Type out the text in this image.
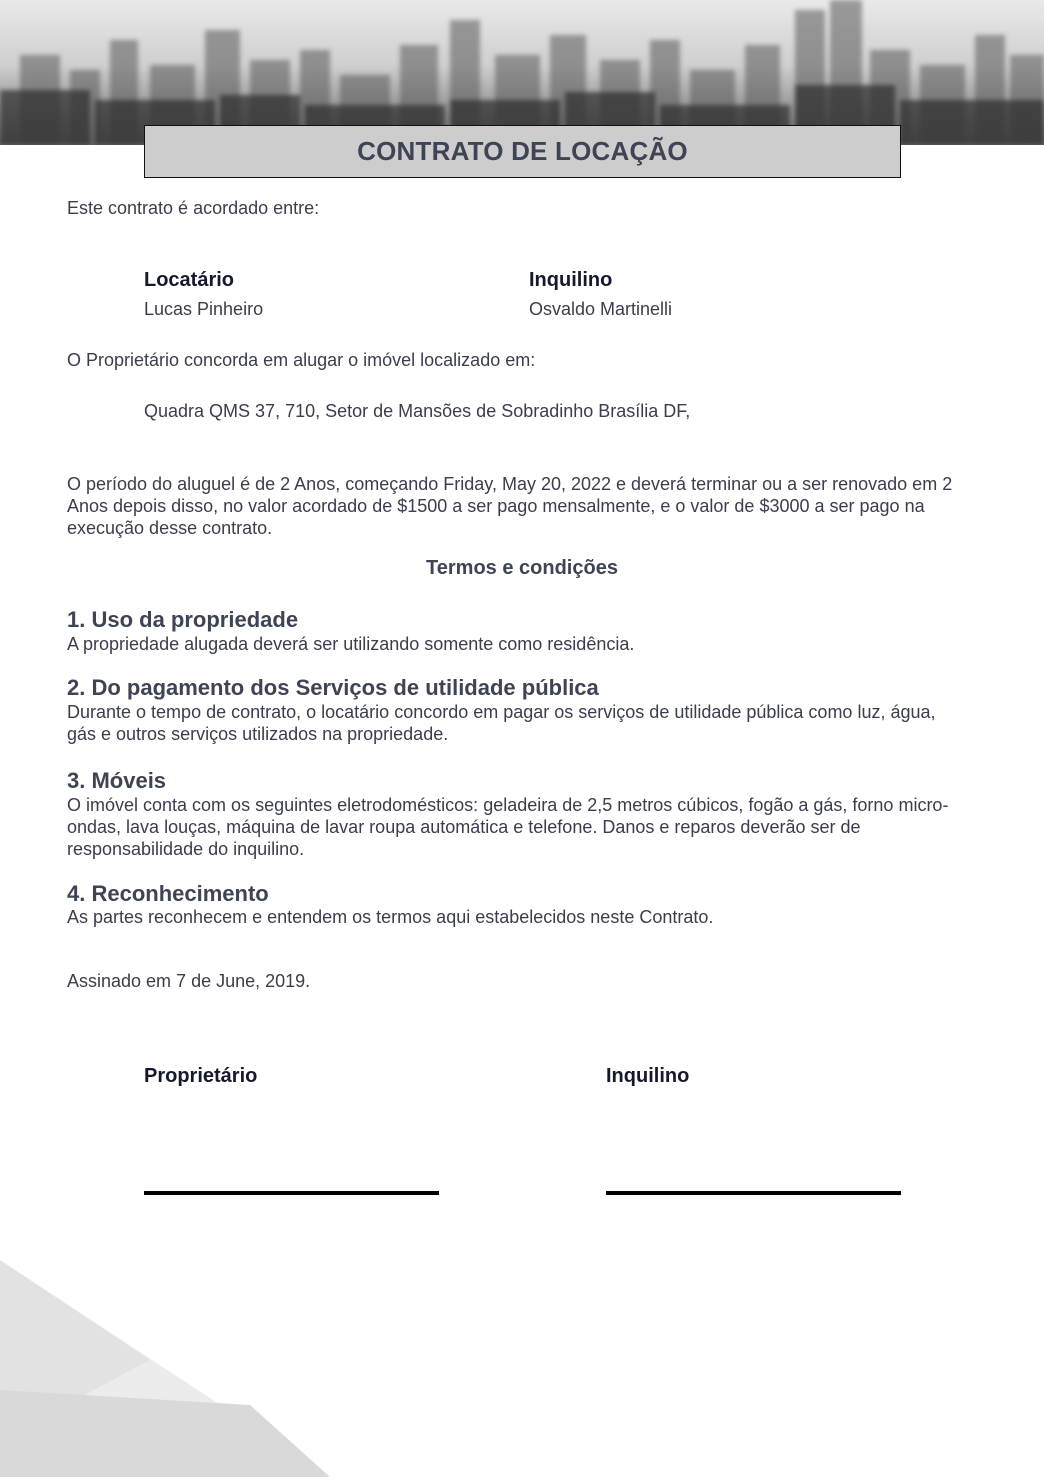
CONTRATO DE LOCAÇÃO

Este contrato é acordado entre:

Locatário
Lucas Pinheiro
Inquilino
Osvaldo Martinelli

O Proprietário concorda em alugar o imóvel localizado em:

Quadra QMS 37, 710, Setor de Mansões de Sobradinho Brasília DF,

O período do aluguel é de 2 Anos, começando Friday, May 20, 2022 e deverá terminar ou a ser renovado em 2 Anos depois disso, no valor acordado de $1500 a ser pago mensalmente, e o valor de $3000 a ser pago na execução desse contrato.

Termos e condições
1. Uso da propriedade

A propriedade alugada deverá ser utilizando somente como residência.

2. Do pagamento dos Serviços de utilidade pública

Durante o tempo de contrato, o locatário concordo em pagar os serviços de utilidade pública como luz, água, gás e outros serviços utilizados na propriedade.

3. Móveis

O imóvel conta com os seguintes eletrodomésticos: geladeira de 2,5 metros cúbicos, fogão a gás, forno micro-ondas, lava louças, máquina de lavar roupa automática e telefone. Danos e reparos deverão ser de responsabilidade do inquilino.

4. Reconhecimento

As partes reconhecem e entendem os termos aqui estabelecidos neste Contrato.

Assinado em 7 de June, 2019.

Proprietário	Inquilino
